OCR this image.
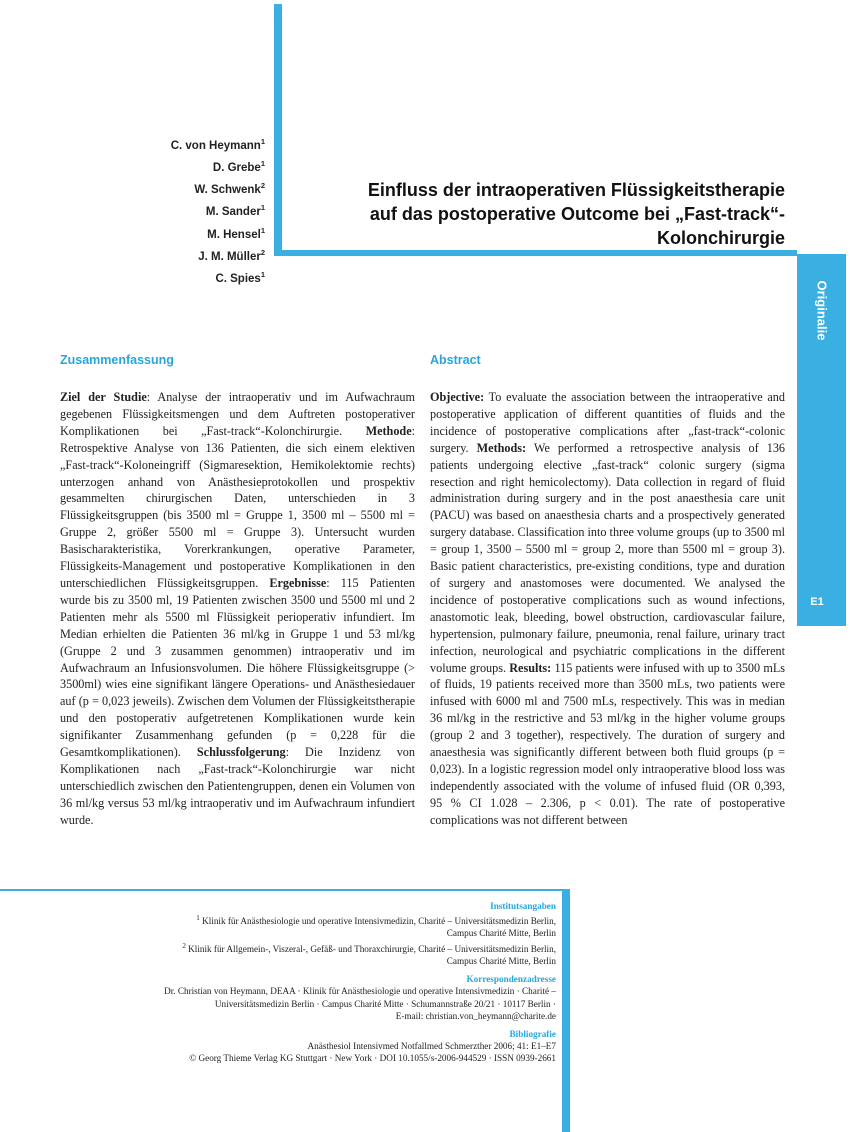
C. von Heymann$^1$
D. Grebe$^1$
W. Schwenk$^2$
M. Sander$^1$
M. Hensel$^1$
J. M. Müller$^2$
C. Spies$^1$
Einfluss der intraoperativen Flüssigkeitstherapie
auf das postoperative Outcome bei „Fast-track“-
Kolonchirurgie
Originalie
E1
Zusammenfassung	Abstract

Ziel der Studie: Analyse der intraoperativ und im Aufwachraum gegebenen Flüssigkeitsmengen und dem Auftreten postoperativer Komplikationen bei „Fast-track“-Kolonchirurgie. Methode: Retrospektive Analyse von 136 Patienten, die sich einem elektiven „Fast-track“-Koloneingriff (Sigmaresektion, Hemikolektomie rechts) unterzogen anhand von Anästhesieprotokollen und prospektiv gesammelten chirurgischen Daten, unterschieden in 3 Flüssigkeitsgruppen (bis 3500 ml = Gruppe 1, 3500 ml – 5500 ml = Gruppe 2, größer 5500 ml = Gruppe 3). Untersucht wurden Basischarakteristika, Vorerkrankungen, operative Parameter, Flüssigkeits-Management und postoperative Komplikationen in den unterschiedlichen Flüssigkeitsgruppen. Ergebnisse: 115 Patienten wurde bis zu 3500 ml, 19 Patienten zwischen 3500 und 5500 ml und 2 Patienten mehr als 5500 ml Flüssigkeit perioperativ infundiert. Im Median erhielten die Patienten 36 ml/kg in Gruppe 1 und 53 ml/kg (Gruppe 2 und 3 zusammen genommen) intraoperativ und im Aufwachraum an Infusionsvolumen. Die höhere Flüssigkeitsgruppe (> 3500ml) wies eine signifikant längere Operations- und Anästhesiedauer auf (p = 0,023 jeweils). Zwischen dem Volumen der Flüssigkeitstherapie und den postoperativ aufgetretenen Komplikationen wurde kein signifikanter Zusammenhang gefunden (p = 0,228 für die Gesamtkomplikationen). Schlussfolgerung: Die Inzidenz von Komplikationen nach „Fast-track“-Kolonchirurgie war nicht unterschiedlich zwischen den Patientengruppen, denen ein Volumen von 36 ml/kg versus 53 ml/kg intraoperativ und im Aufwachraum infundiert wurde.

Objective: To evaluate the association between the intraoperative and postoperative application of different quantities of fluids and the incidence of postoperative complications after „fast-track“-colonic surgery. Methods: We performed a retrospective analysis of 136 patients undergoing elective „fast-track“ colonic surgery (sigma resection and right hemicolectomy). Data collection in regard of fluid administration during surgery and in the post anaesthesia care unit (PACU) was based on anaesthesia charts and a prospectively generated surgery database. Classification into three volume groups (up to 3500 ml = group 1, 3500 – 5500 ml = group 2, more than 5500 ml = group 3). Basic patient characteristics, pre-existing conditions, type and duration of surgery and anastomoses were documented. We analysed the incidence of postoperative complications such as wound infections, anastomotic leak, bleeding, bowel obstruction, cardiovascular failure, hypertension, pulmonary failure, pneumonia, renal failure, urinary tract infection, neurological and psychiatric complications in the different volume groups. Results: 115 patients were infused with up to 3500 mLs of fluids, 19 patients received more than 3500 mLs, two patients were infused with 6000 ml and 7500 mLs, respectively. This was in median 36 ml/kg in the restrictive and 53 ml/kg in the higher volume groups (group 2 and 3 together), respectively. The duration of surgery and anaesthesia was significantly different between both fluid groups (p = 0,023). In a logistic regression model only intraoperative blood loss was independently associated with the volume of infused fluid (OR 0,393, 95 % CI 1.028 – 2.306, p < 0.01). The rate of postoperative complications was not different between

Institutsangaben
$^1$ Klinik für Anästhesiologie und operative Intensivmedizin, Charité – Universitätsmedizin Berlin,
Campus Charité Mitte, Berlin
$^2$ Klinik für Allgemein-, Viszeral-, Gefäß- und Thoraxchirurgie, Charité – Universitätsmedizin Berlin,
Campus Charité Mitte, Berlin
Korrespondenzadresse
Dr. Christian von Heymann, DEAA · Klinik für Anästhesiologie und operative Intensivmedizin · Charité –
Universitätsmedizin Berlin · Campus Charité Mitte · Schumannstraße 20/21 · 10117 Berlin ·
E-mail: christian.von_heymann@charite.de
Bibliografie
Anästhesiol Intensivmed Notfallmed Schmerzther 2006; 41: E1–E7
© Georg Thieme Verlag KG Stuttgart · New York · DOI 10.1055/s-2006-944529 · ISSN 0939-2661
